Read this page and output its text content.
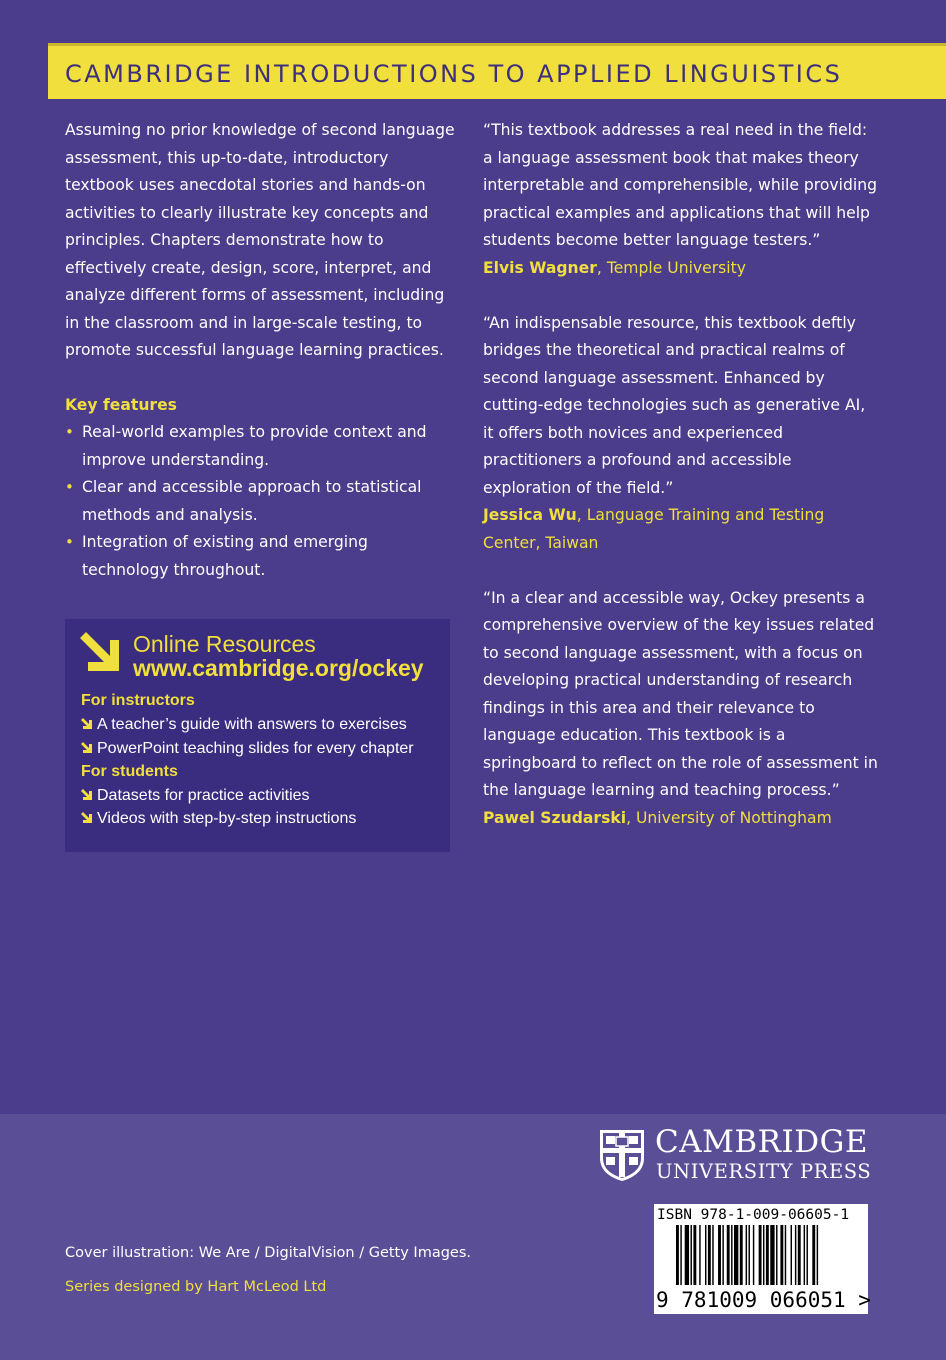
CAMBRIDGE INTRODUCTIONS TO APPLIED LINGUISTICS

Assuming no prior knowledge of second language assessment, this up-to-date, introductory textbook uses anecdotal stories and hands-on activities to clearly illustrate key concepts and principles. Chapters demonstrate how to effectively create, design, score, interpret, and analyze different forms of assessment, including in the classroom and in large-scale testing, to promote successful language learning practices.

Key features
• Real-world examples to provide context and improve understanding.
• Clear and accessible approach to statistical methods and analysis.
• Integration of existing and emerging technology throughout.
Online Resources
www.cambridge.org/ockey
For instructors
A teacher’s guide with answers to exercises
PowerPoint teaching slides for every chapter
For students
Datasets for practice activities
Videos with step-by-step instructions

“This textbook addresses a real need in the field: a language assessment book that makes theory interpretable and comprehensible, while providing practical examples and applications that will help students become better language testers.”

Elvis Wagner, Temple University

“An indispensable resource, this textbook deftly bridges the theoretical and practical realms of second language assessment. Enhanced by cutting-edge technologies such as generative AI, it offers both novices and experienced practitioners a profound and accessible exploration of the field.”

Jessica Wu, Language Training and Testing Center, Taiwan

“In a clear and accessible way, Ockey presents a comprehensive overview of the key issues related to second language assessment, with a focus on developing practical understanding of research findings in this area and their relevance to language education. This textbook is a springboard to reflect on the role of assessment in the language learning and teaching process.”

Pawel Szudarski, University of Nottingham

Cover illustration: We Are / DigitalVision / Getty Images.
Series designed by Hart McLeod Ltd
CAMBRIDGE
UNIVERSITY PRESS
ISBN 978-1-009-06605-1
9 781009 066051 >
